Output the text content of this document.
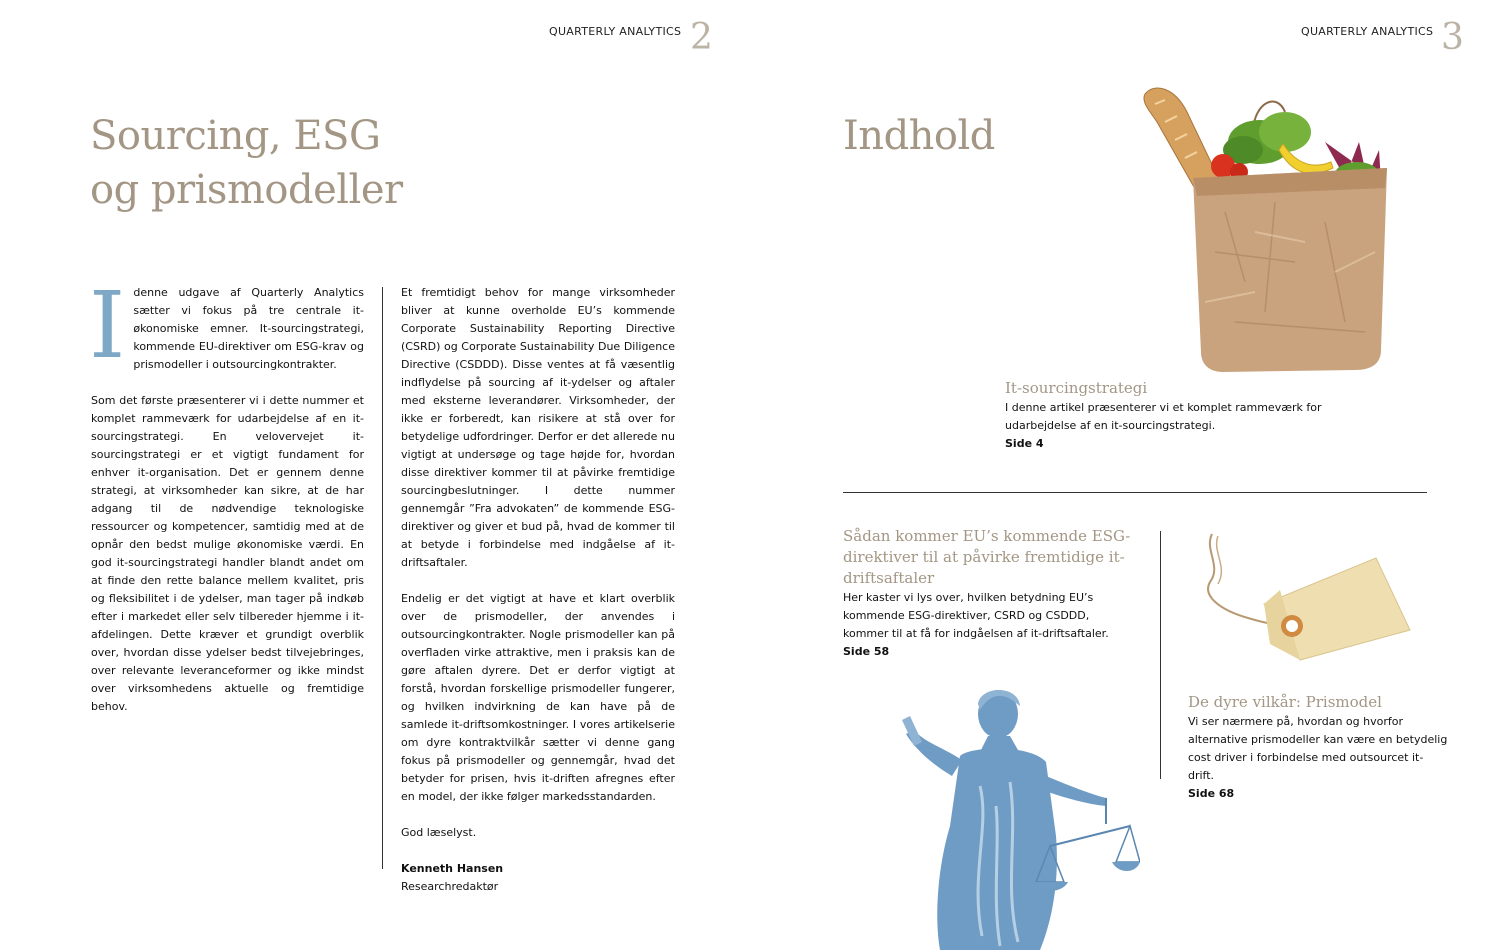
QUARTERLY ANALYTICS 2
Sourcing, ESG
og prismodeller

I denne udgave af Quarterly Analytics sætter vi fokus på tre centrale it-økonomiske emner. It-sourcingstrategi, kommende EU-direktiver om ESG-krav og prismodeller i outsourcingkontrakter.

Som det første præsenterer vi i dette nummer et komplet rammeværk for udarbejdelse af en it-sourcingstrategi. En velovervejet it-sourcingstrategi er et vigtigt fundament for enhver it-organisation. Det er gennem denne strategi, at virksomheder kan sikre, at de har adgang til de nødvendige teknologiske ressourcer og kompetencer, samtidig med at de opnår den bedst mulige økonomiske værdi. En god it-sourcingstrategi handler blandt andet om at finde den rette balance mellem kvalitet, pris og fleksibilitet i de ydelser, man tager på indkøb efter i markedet eller selv tilbereder hjemme i it-afdelingen. Dette kræver et grundigt overblik over, hvordan disse ydelser bedst tilvejebringes, over relevante leveranceformer og ikke mindst over virksomhedens aktuelle og fremtidige behov.

Et fremtidigt behov for mange virksomheder bliver at kunne overholde EU’s kommende Corporate Sustainability Reporting Directive (CSRD) og Corporate Sustainability Due Diligence Directive (CSDDD). Disse ventes at få væsentlig indflydelse på sourcing af it-ydelser og aftaler med eksterne leverandører. Virksomheder, der ikke er forberedt, kan risikere at stå over for betydelige udfordringer. Derfor er det allerede nu vigtigt at undersøge og tage højde for, hvordan disse direktiver kommer til at påvirke fremtidige sourcingbeslutninger. I dette nummer gennemgår ”Fra advokaten” de kommende ESG-direktiver og giver et bud på, hvad de kommer til at betyde i forbindelse med indgåelse af it-driftsaftaler.

Endelig er det vigtigt at have et klart overblik over de prismodeller, der anvendes i outsourcingkontrakter. Nogle prismodeller kan på overfladen virke attraktive, men i praksis kan de gøre aftalen dyrere. Det er derfor vigtigt at forstå, hvordan forskellige prismodeller fungerer, og hvilken indvirkning de kan have på de samlede it-driftsomkostninger. I vores artikelserie om dyre kontraktvilkår sætter vi denne gang fokus på prismodeller og gennemgår, hvad det betyder for prisen, hvis it-driften afregnes efter en model, der ikke følger markedsstandarden.

God læselyst.

Kenneth Hansen
Researchredaktør

QUARTERLY ANALYTICS 3
Indhold

It-sourcingstrategi

I denne artikel præsenterer vi et komplet rammeværk for udarbejdelse af en it-sourcingstrategi.

Side 4

Sådan kommer EU’s kommende ESG-direktiver til at påvirke fremtidige it-driftsaftaler

Her kaster vi lys over, hvilken betydning EU’s kommende ESG-direktiver, CSRD og CSDDD, kommer til at få for indgåelsen af it-driftsaftaler.

Side 58

De dyre vilkår: Prismodel

Vi ser nærmere på, hvordan og hvorfor alternative prismodeller kan være en betydelig cost driver i forbindelse med outsourcet it-drift.

Side 68
